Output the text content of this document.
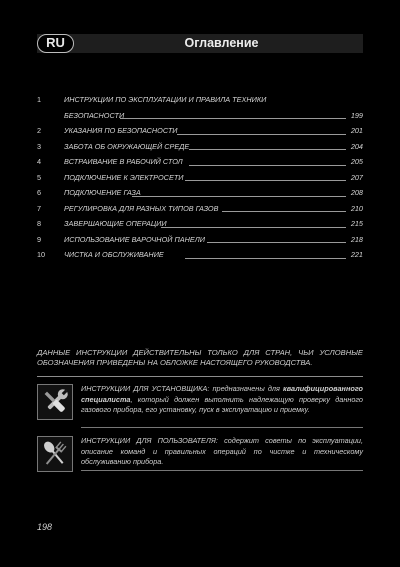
RU	Оглавление
1	ИНСТРУКЦИИ ПО ЭКСПЛУАТАЦИИ И ПРАВИЛА ТЕХНИКИ
БЕЗОПАСНОСТИ	199
2	УКАЗАНИЯ ПО БЕЗОПАСНОСТИ	201
3	ЗАБОТА ОБ ОКРУЖАЮЩЕЙ СРЕДЕ	204
4	ВСТРАИВАНИЕ В РАБОЧИЙ СТОЛ	205
5	ПОДКЛЮЧЕНИЕ К ЭЛЕКТРОСЕТИ	207
6	ПОДКЛЮЧЕНИЕ ГАЗА	208
7	РЕГУЛИРОВКА ДЛЯ РАЗНЫХ ТИПОВ ГАЗОВ	210
8	ЗАВЕРШАЮЩИЕ ОПЕРАЦИИ	215
9	ИСПОЛЬЗОВАНИЕ ВАРОЧНОЙ ПАНЕЛИ	218
10	ЧИСТКА И ОБСЛУЖИВАНИЕ	221
ДАННЫЕ ИНСТРУКЦИИ ДЕЙСТВИТЕЛЬНЫ ТОЛЬКО ДЛЯ СТРАН, ЧЬИ УСЛОВНЫЕ ОБОЗНАЧЕНИЯ ПРИВЕДЕНЫ НА ОБЛОЖКЕ НАСТОЯЩЕГО РУКОВОДСТВА.
ИНСТРУКЦИИ ДЛЯ УСТАНОВЩИКА: предназначены для квалифицированного специалиста, который должен выполнить надлежащую проверку данного газового прибора, его установку, пуск в эксплуатацию и приемку.
ИНСТРУКЦИИ ДЛЯ ПОЛЬЗОВАТЕЛЯ: содержит советы по эксплуатации, описание команд и правильных операций по чистке и техническому обслуживанию прибора.
198
